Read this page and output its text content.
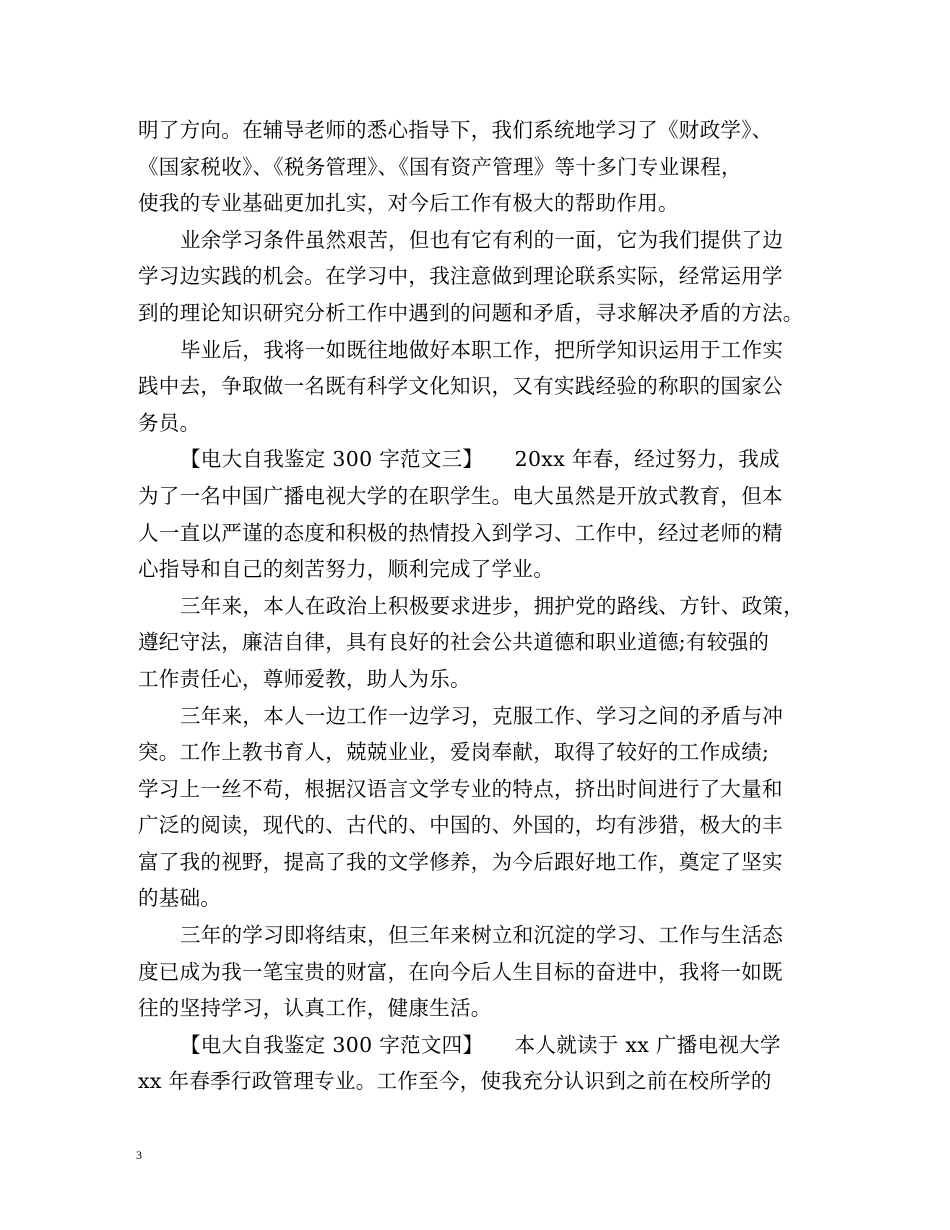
明了方向。在辅导老师的悉心指导下，我们系统地学习了《财政学》、
《国家税收》、《税务管理》、《国有资产管理》等十多门专业课程，
使我的专业基础更加扎实，对今后工作有极大的帮助作用。

业余学习条件虽然艰苦，但也有它有利的一面，它为我们提供了边
学习边实践的机会。在学习中，我注意做到理论联系实际，经常运用学
到的理论知识研究分析工作中遇到的问题和矛盾，寻求解决矛盾的方法。

毕业后，我将一如既往地做好本职工作，把所学知识运用于工作实
践中去，争取做一名既有科学文化知识，又有实践经验的称职的国家公
务员。

【电大自我鉴定 300 字范文三】　　20xx 年春，经过努力，我成
为了一名中国广播电视大学的在职学生。电大虽然是开放式教育，但本
人一直以严谨的态度和积极的热情投入到学习、工作中，经过老师的精
心指导和自己的刻苦努力，顺利完成了学业。

三年来，本人在政治上积极要求进步，拥护党的路线、方针、政策，
遵纪守法，廉洁自律，具有良好的社会公共道德和职业道德;有较强的
工作责任心，尊师爱教，助人为乐。

三年来，本人一边工作一边学习，克服工作、学习之间的矛盾与冲
突。工作上教书育人，兢兢业业，爱岗奉献，取得了较好的工作成绩;
学习上一丝不苟，根据汉语言文学专业的特点，挤出时间进行了大量和
广泛的阅读，现代的、古代的、中国的、外国的，均有涉猎，极大的丰
富了我的视野，提高了我的文学修养，为今后跟好地工作，奠定了坚实
的基础。

三年的学习即将结束，但三年来树立和沉淀的学习、工作与生活态
度已成为我一笔宝贵的财富，在向今后人生目标的奋进中，我将一如既
往的坚持学习，认真工作，健康生活。

【电大自我鉴定 300 字范文四】　　本人就读于 xx 广播电视大学
xx 年春季行政管理专业。工作至今，使我充分认识到之前在校所学的

3
